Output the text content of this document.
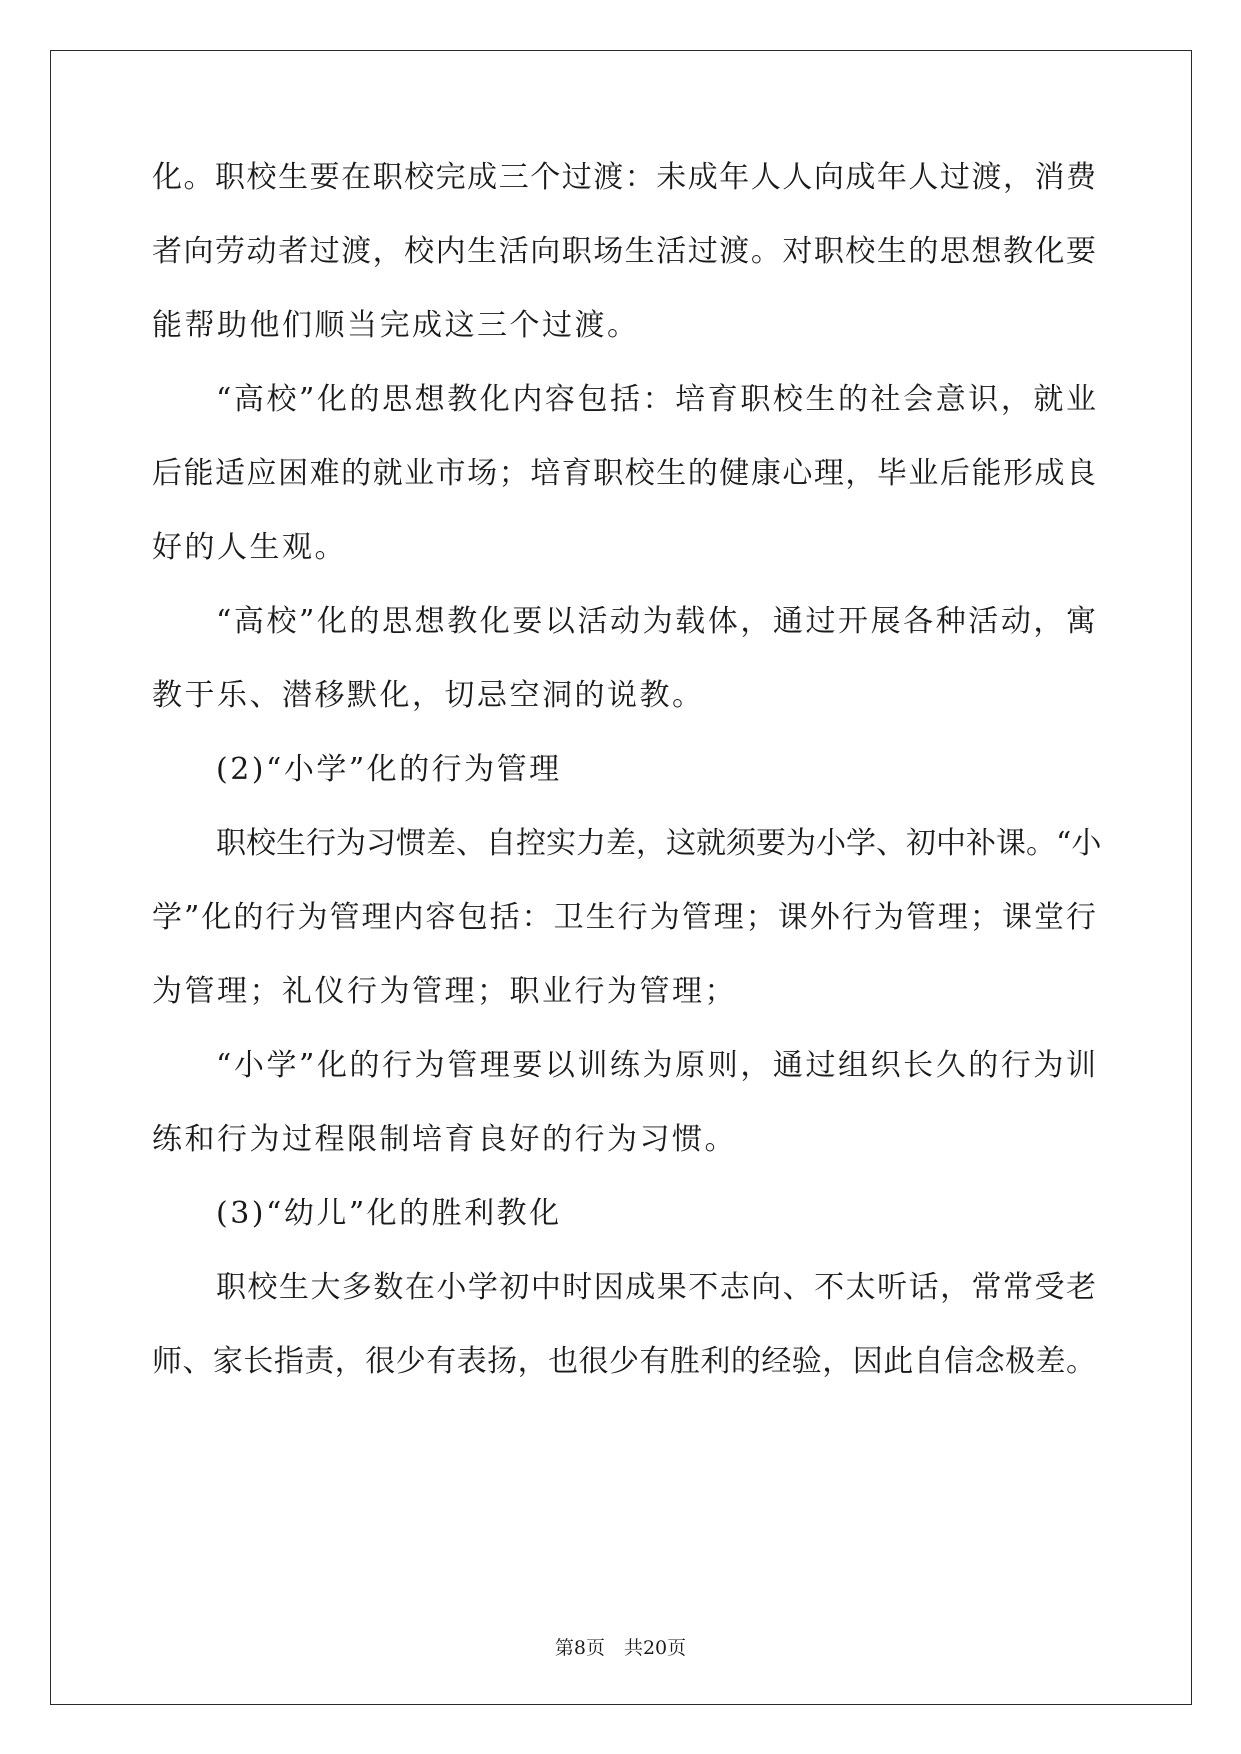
化。职校生要在职校完成三个过渡：未成年人人向成年人过渡，消费
者向劳动者过渡，校内生活向职场生活过渡。对职校生的思想教化要
能帮助他们顺当完成这三个过渡。
“高校”化的思想教化内容包括：培育职校生的社会意识，就业
后能适应困难的就业市场；培育职校生的健康心理，毕业后能形成良
好的人生观。
“高校”化的思想教化要以活动为载体，通过开展各种活动，寓
教于乐、潜移默化，切忌空洞的说教。
(2)“小学”化的行为管理
职校生行为习惯差、自控实力差，这就须要为小学、初中补课。“小
学”化的行为管理内容包括：卫生行为管理；课外行为管理；课堂行
为管理；礼仪行为管理；职业行为管理；
“小学”化的行为管理要以训练为原则，通过组织长久的行为训
练和行为过程限制培育良好的行为习惯。
(3)“幼儿”化的胜利教化
职校生大多数在小学初中时因成果不志向、不太听话，常常受老
师、家长指责，很少有表扬，也很少有胜利的经验，因此自信念极差。
第8页　共20页
